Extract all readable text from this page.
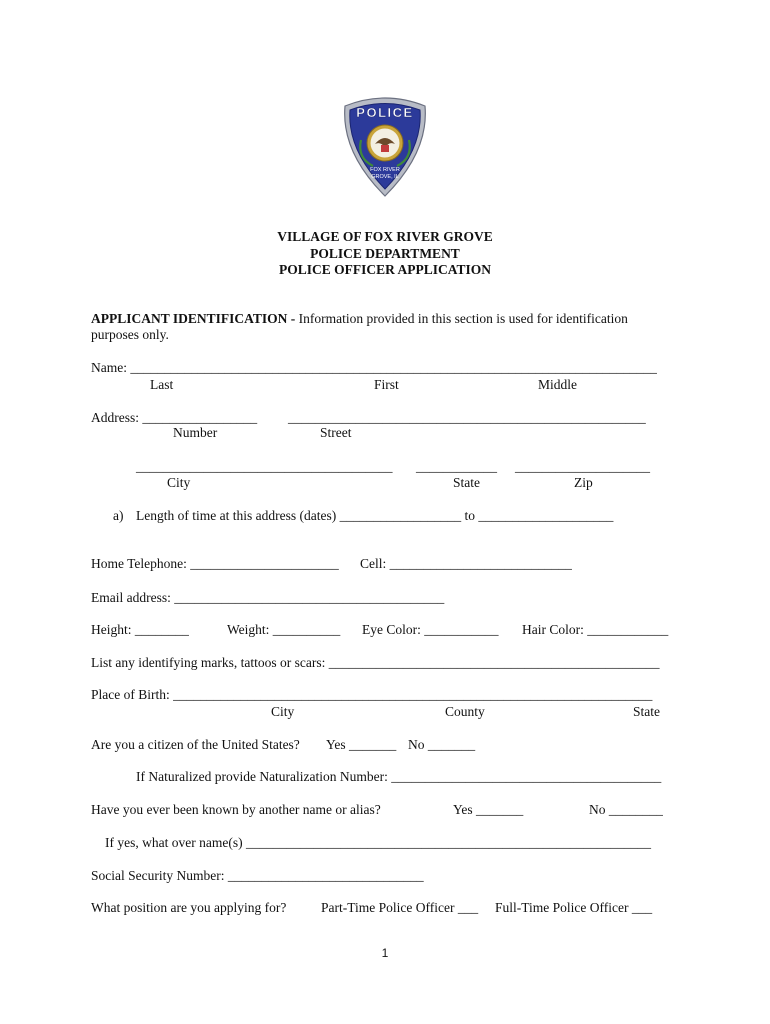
POLICE
FOX RIVER
GROVE, IL
VILLAGE OF FOX RIVER GROVE
POLICE DEPARTMENT
POLICE OFFICER APPLICATION
APPLICANT IDENTIFICATION - Information provided in this section is used for identification
purposes only.
Name: ______________________________________________________________________________
Last	First	Middle
Address: _________________ _____________________________________________________
Number	Street
______________________________________ ____________ ____________________
City	State	Zip
a) Length of time at this address (dates) __________________ to ____________________
Home Telephone: ______________________ Cell: ___________________________
Email address: ________________________________________
Height: ________	Weight: __________ Eye Color: ___________ Hair Color: ____________
List any identifying marks, tattoos or scars: _________________________________________________
Place of Birth: _______________________________________________________________________
City	County	State
Are you a citizen of the United States? Yes _______ No _______
If Naturalized provide Naturalization Number: ________________________________________
Have you ever been known by another name or alias?	Yes _______	No ________
If yes, what over name(s) ____________________________________________________________
Social Security Number: _____________________________
What position are you applying for?	Part-Time Police Officer ___ Full-Time Police Officer ___
1
